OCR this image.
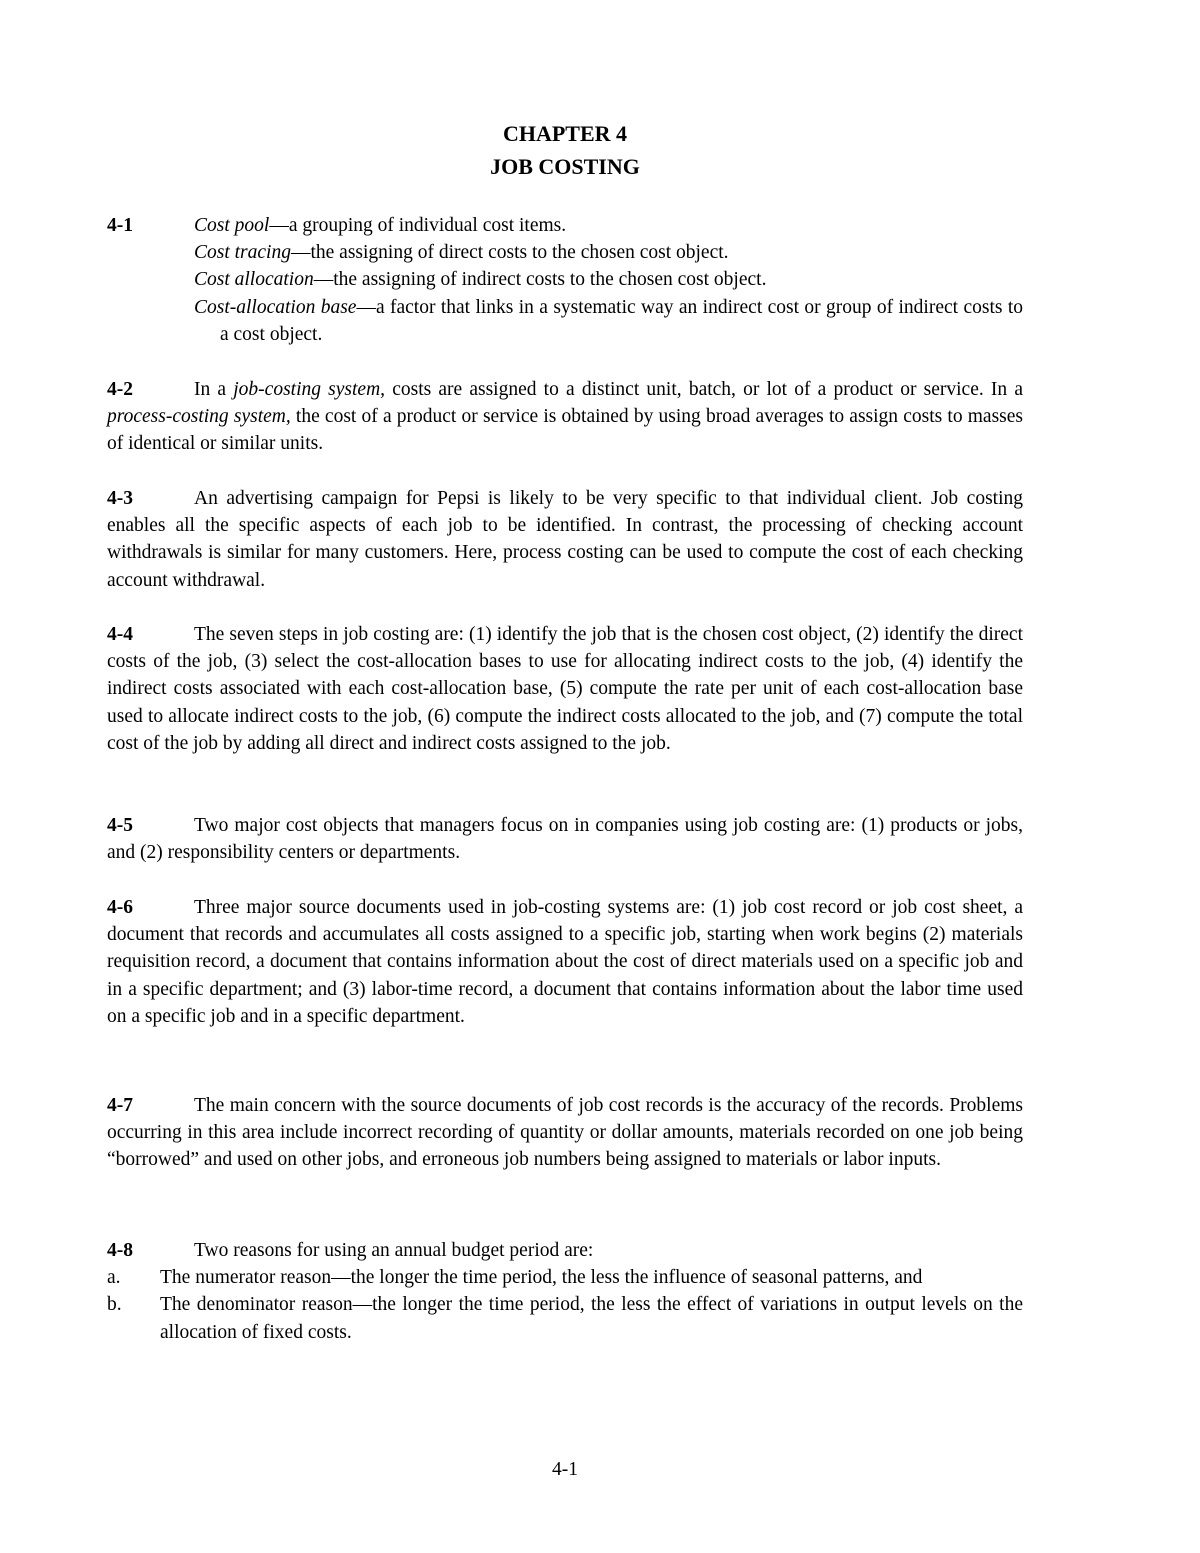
CHAPTER 4
JOB COSTING
4-1	Cost pool—a grouping of individual cost items.
Cost tracing—the assigning of direct costs to the chosen cost object.
Cost allocation—the assigning of indirect costs to the chosen cost object.
Cost-allocation base—a factor that links in a systematic way an indirect cost or group of indirect costs to a cost object.
4-2	In a job-costing system, costs are assigned to a distinct unit, batch, or lot of a product or service. In a process-costing system, the cost of a product or service is obtained by using broad averages to assign costs to masses of identical or similar units.
4-3	An advertising campaign for Pepsi is likely to be very specific to that individual client. Job costing enables all the specific aspects of each job to be identified. In contrast, the processing of checking account withdrawals is similar for many customers. Here, process costing can be used to compute the cost of each checking account withdrawal.
4-4	The seven steps in job costing are: (1) identify the job that is the chosen cost object, (2) identify the direct costs of the job, (3) select the cost-allocation bases to use for allocating indirect costs to the job, (4) identify the indirect costs associated with each cost-allocation base, (5) compute the rate per unit of each cost-allocation base used to allocate indirect costs to the job, (6) compute the indirect costs allocated to the job, and (7) compute the total cost of the job by adding all direct and indirect costs assigned to the job.
4-5	Two major cost objects that managers focus on in companies using job costing are: (1) products or jobs, and (2) responsibility centers or departments.
4-6	Three major source documents used in job-costing systems are: (1) job cost record or job cost sheet, a document that records and accumulates all costs assigned to a specific job, starting when work begins (2) materials requisition record, a document that contains information about the cost of direct materials used on a specific job and in a specific department; and (3) labor-time record, a document that contains information about the labor time used on a specific job and in a specific department.
4-7	The main concern with the source documents of job cost records is the accuracy of the records. Problems occurring in this area include incorrect recording of quantity or dollar amounts, materials recorded on one job being “borrowed” and used on other jobs, and erroneous job numbers being assigned to materials or labor inputs.
4-8	Two reasons for using an annual budget period are:
a.	The numerator reason—the longer the time period, the less the influence of seasonal patterns, and
b.	The denominator reason—the longer the time period, the less the effect of variations in output levels on the allocation of fixed costs.
4-1
